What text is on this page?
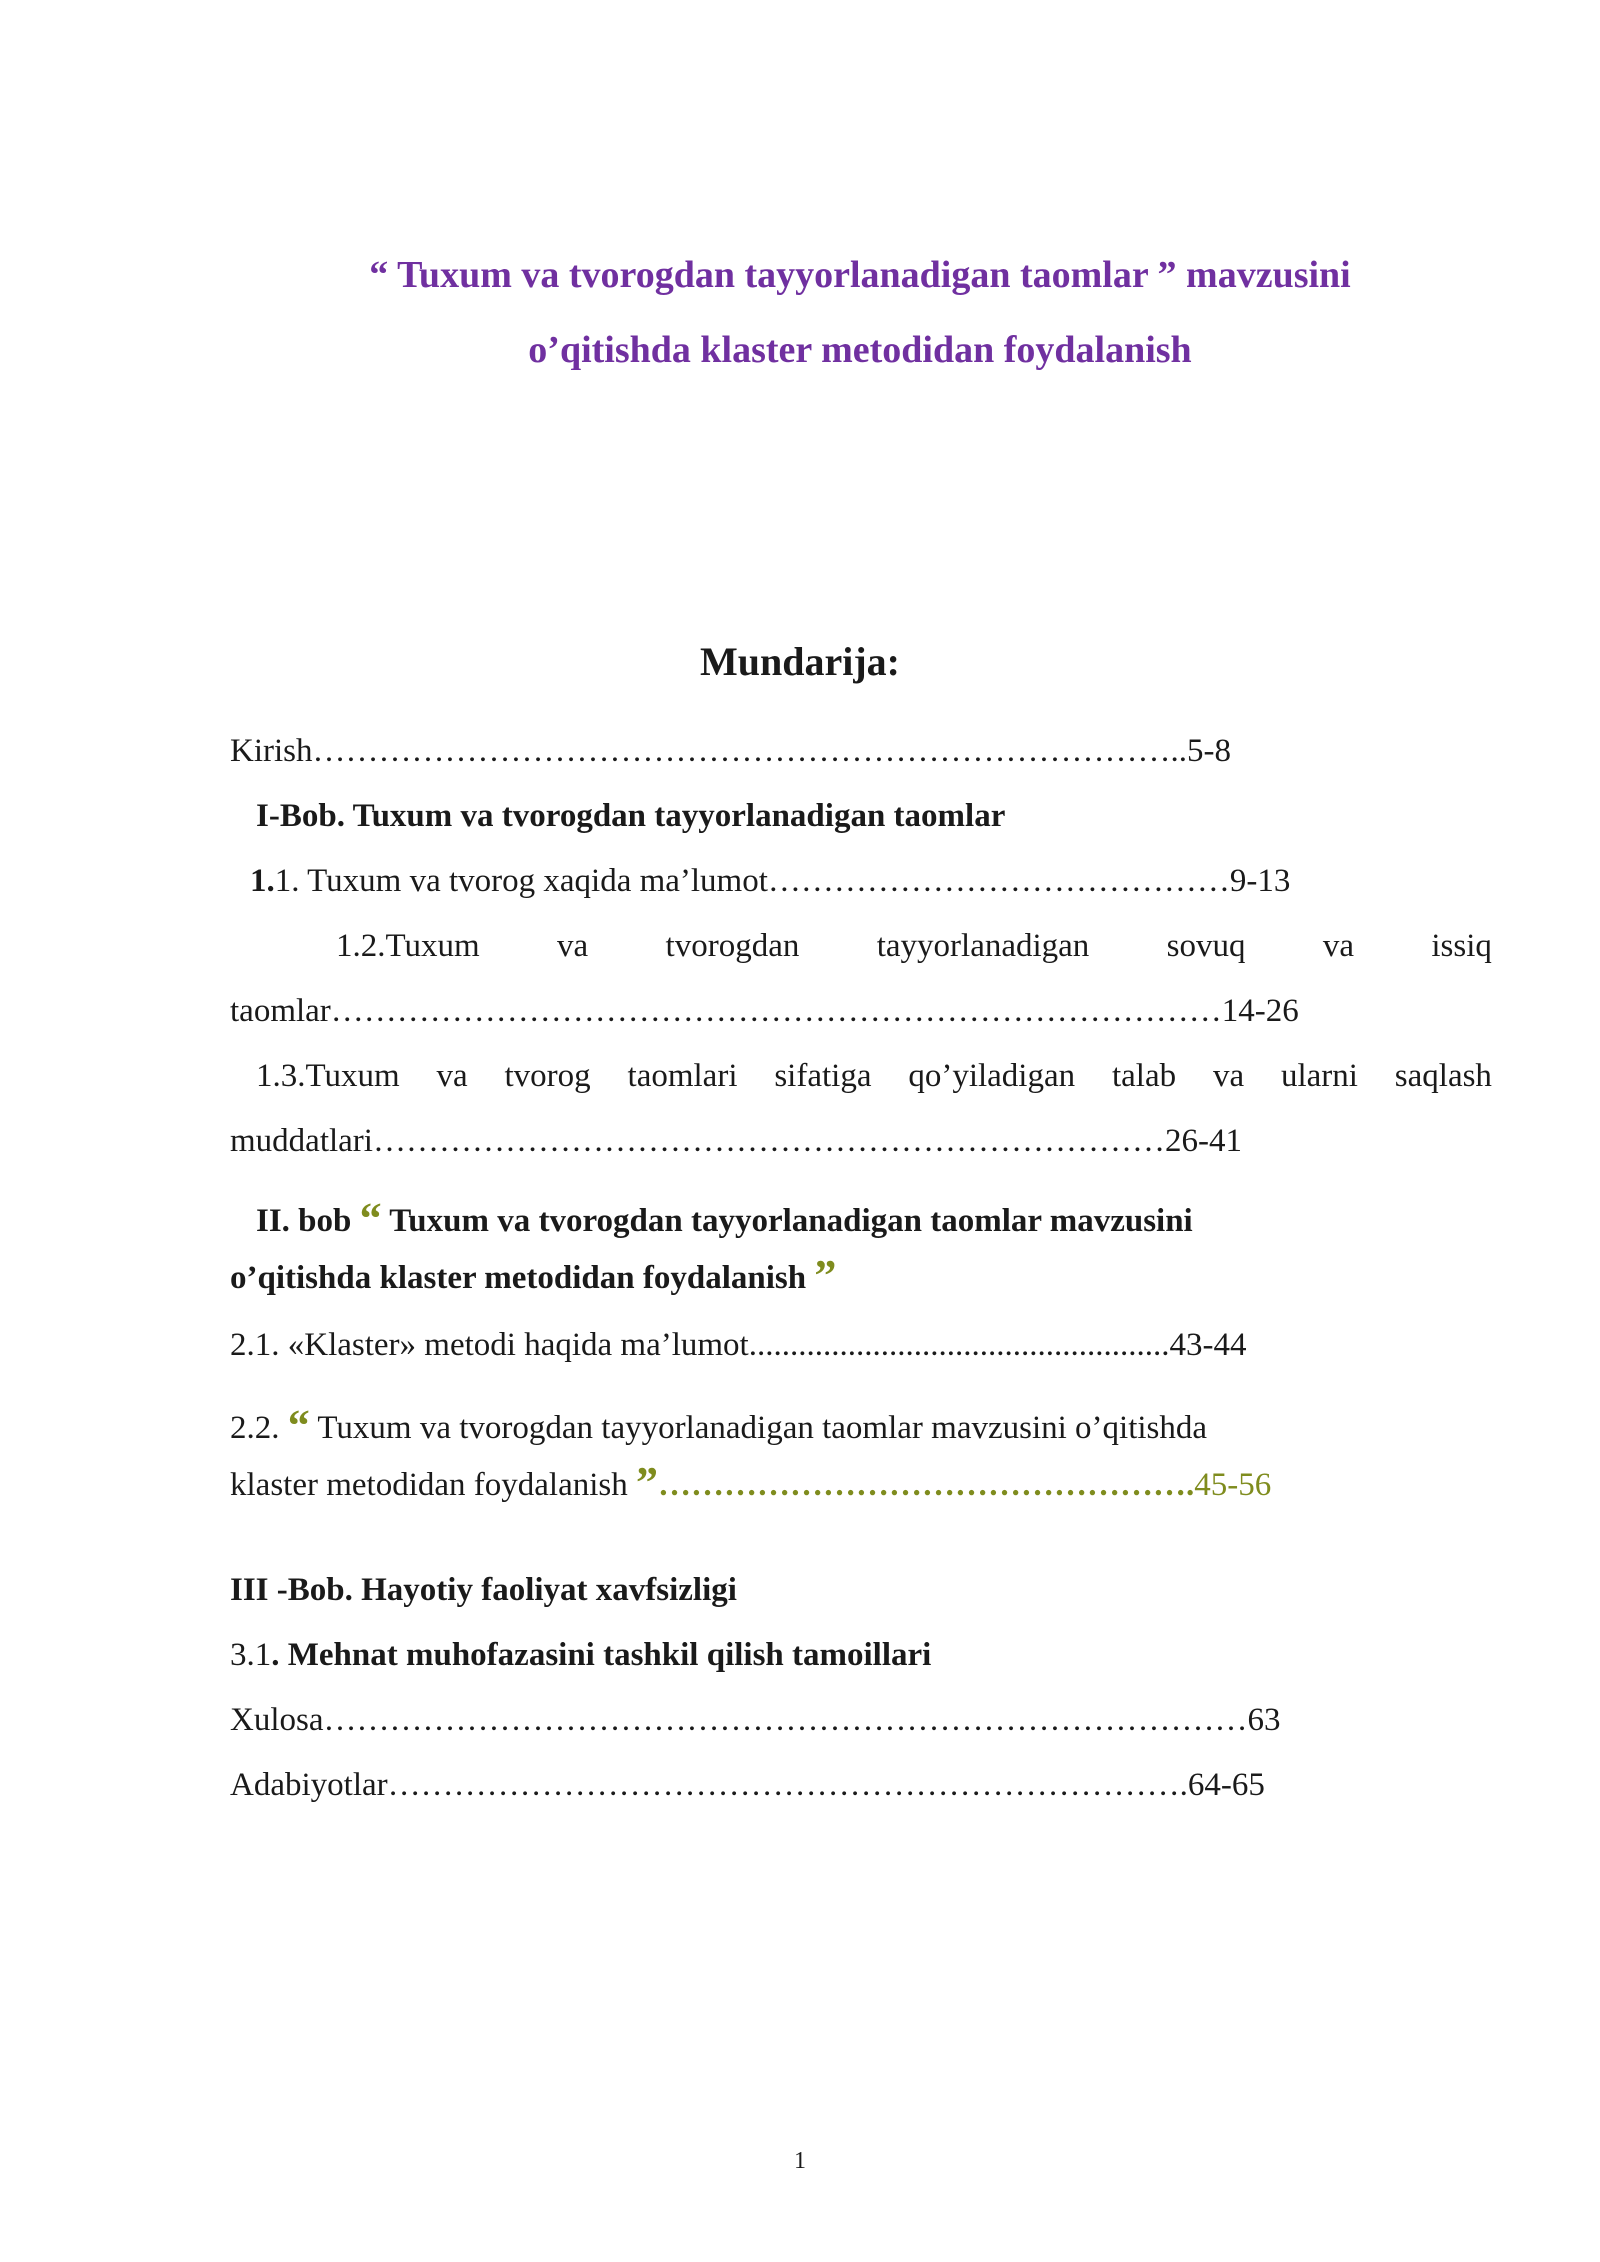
“ Tuxum va tvorogdan tayyorlanadigan taomlar ” mavzusini
o’qitishda klaster metodidan foydalanish
Mundarija:
Kirish……………………………………………………………………..5-8
I-Bob. Tuxum va tvorogdan tayyorlanadigan taomlar
1.1. Tuxum va tvorog xaqida ma’lumot……………………………………9-13
1.2.Tuxum va tvorogdan tayyorlanadigan sovuq va issiq
taomlar………………………………………………………………………14-26
1.3.Tuxum va tvorog taomlari sifatiga qo’yiladigan talab va ularni saqlash
muddatlari………………………………………………………………26-41
II. bob “ Tuxum va tvorogdan tayyorlanadigan taomlar mavzusini
o’qitishda klaster metodidan foydalanish ”
2.1. «Klaster» metodi haqida ma’lumot...................................................43-44
2.2. “ Tuxum va tvorogdan tayyorlanadigan taomlar mavzusini o’qitishda
klaster metodidan foydalanish ”………………………………………….45-56
III -Bob. Hayotiy faoliyat xavfsizligi
3.1. Mehnat muhofazasini tashkil qilish tamoillari
Xulosa…………………………………………………………………………63
Adabiyotlar……………………………………………………………….64-65
1
